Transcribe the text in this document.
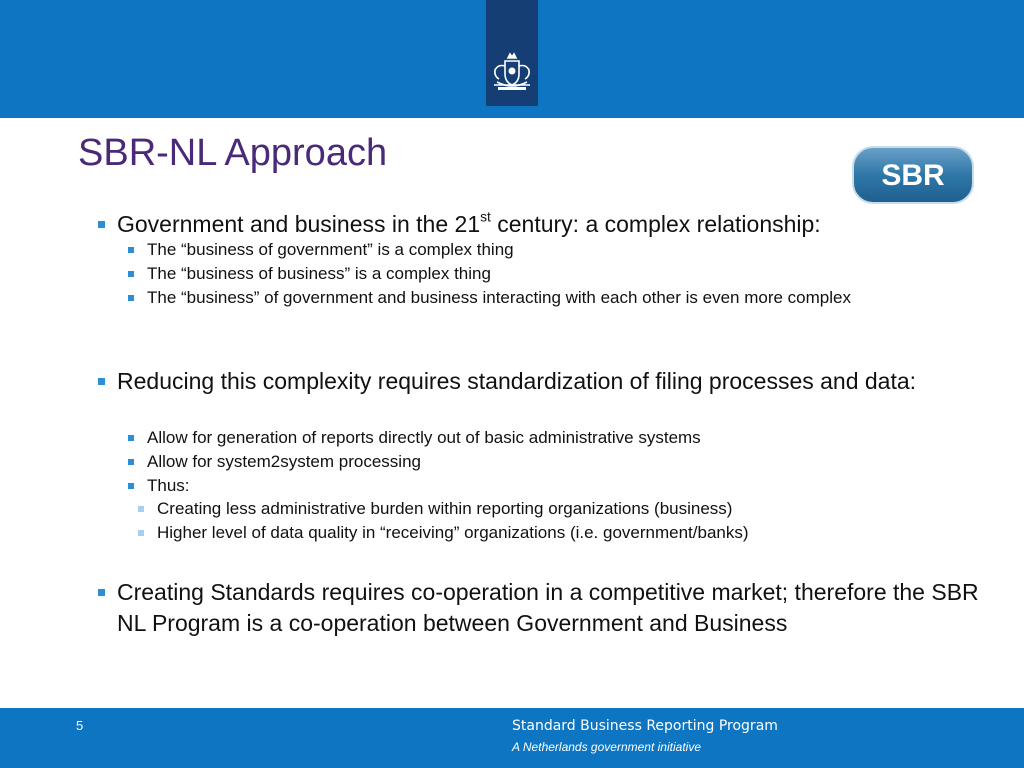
SBR-NL Approach
SBR
Government and business in the 21st century: a complex relationship:
The “business of government” is a complex thing
The “business of business” is a complex thing
The “business” of government and business interacting with each other is even more complex
Reducing this complexity requires standardization of filing processes and data:
Allow for generation of reports directly out of basic administrative systems
Allow for system2system processing
Thus:
Creating less administrative burden within reporting organizations (business)
Higher level of data quality in “receiving” organizations (i.e. government/banks)
Creating Standards requires co-operation in a competitive market; therefore the SBR NL Program is a co-operation between Government and Business
5	Standard Business Reporting Program
A Netherlands government initiative
